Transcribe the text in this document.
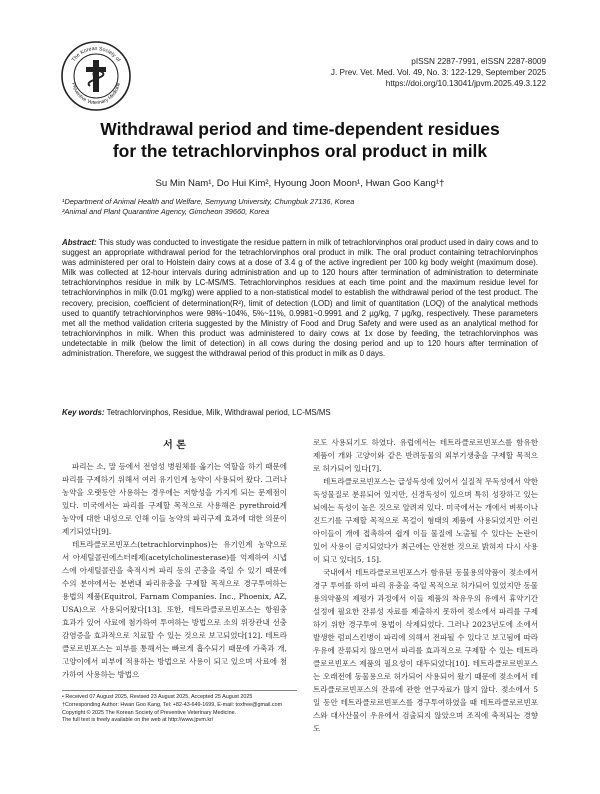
The Korean Society of
Preventive Veterinary Medicine
pISSN 2287-7991, eISSN 2287-8009
J. Prev. Vet. Med. Vol. 49, No. 3: 122-129, September 2025
https://doi.org/10.13041/jpvm.2025.49.3.122
Withdrawal period and time-dependent residues
for the tetrachlorvinphos oral product in milk
Su Min Nam¹, Do Hui Kim², Hyoung Joon Moon¹, Hwan Goo Kang¹†
¹Department of Animal Health and Welfare, Semyung University, Chungbuk 27136, Korea
²Animal and Plant Quarantine Agency, Gimcheon 39660, Korea
Abstract: This study was conducted to investigate the residue pattern in milk of tetrachlorvinphos oral product used in dairy cows and to suggest an appropriate withdrawal period for the tetrachlorvinphos oral product in milk. The oral product containing tetrachlorvinphos was administered per oral to Holstein dairy cows at a dose of 3.4 g of the active ingredient per 100 kg body weight (maximum dose). Milk was collected at 12-hour intervals during administration and up to 120 hours after termination of administration to determinate tetrachlorvinphos residue in milk by LC-MS/MS. Tetrachlorvinphos residues at each time point and the maximum residue level for tetrachlorvinphos in milk (0.01 mg/kg) were applied to a non-statistical model to establish the withdrawal period of the test product. The recovery, precision, coefficient of determination(R²), limit of detection (LOD) and limit of quantitation (LOQ) of the analytical methods used to quantify tetrachlorvinphos were 98%~104%, 5%~11%, 0.9981~0.9991 and 2 µg/kg, 7 µg/kg, respectively. These parameters met all the method validation criteria suggested by the Ministry of Food and Drug Safety and were used as an analytical method for tetrachlorvinphos in milk. When this product was administered to dairy cows at 1x dose by feeding, the tetrachlorvinphos was undetectable in milk (below the limit of detection) in all cows during the dosing period and up to 120 hours after termination of administration. Therefore, we suggest the withdrawal period of this product in milk as 0 days.
Key words: Tetrachlorvinphos, Residue, Milk, Withdrawal period, LC-MS/MS
서 론

파리는 소, 말 등에서 전염성 병원체를 옮기는 역할을 하기 때문에 파리를 구제하기 위해서 여러 유기인계 농약이 사용되어 왔다. 그러나 농약을 오랫동안 사용하는 경우에는 저항성을 가지게 되는 문제점이 있다. 미국에서는 파리를 구제할 목적으로 사용해온 pyrethroid계 농약에 대한 내성으로 인해 이들 농약의 파리구제 효과에 대한 의문이 제기되었다[9].

테트라클로르빈포스(tetrachlorvinphos)는 유기인계 농약으로서 아세틸콜린에스터레제(acetylcholinesterase)를 억제하여 시냅스에 아세틸콜린을 축적시켜 파리 등의 곤충을 죽일 수 있기 때문에 수의 분야에서는 분변내 파리유충을 구제할 목적으로 경구투여하는 용법의 제품(Equitrol, Farnam Companies. Inc., Phoenix, AZ, USA)으로 사용되어왔다[13]. 또한, 테트라클로르빈포스는 항원충 효과가 있어 사료에 첨가하여 투여하는 방법으로 소의 위장관내 선충감염증을 효과적으로 치료할 수 있는 것으로 보고되었다[12]. 테트라클로르빈포스는 피부를 통해서는 빠르게 흡수되기 때문에 가축과 개, 고양이에서 피부에 적용하는 방법으로 사용이 되고 있으며 사료에 첨가하여 사용하는 방법으

로도 사용되기도 하였다. 유럽에서는 테트라클로르빈포스를 함유한 제품이 개와 고양이와 같은 반려동물의 외부기생충을 구제할 목적으로 허가되어 있다[7].

테트라클로르빈포스는 급성독성에 있어서 실질적 무독성에서 약한 독성물질로 분류되어 있지만, 신경독성이 있으며 특히 성장하고 있는 뇌에는 독성이 높은 것으로 알려져 있다. 미국에서는 개에서 벼룩이나 진드기를 구제할 목적으로 목걸이 형태의 제품에 사용되었지만 어린아이들이 개에 접촉하여 쉽게 이들 물질에 노출될 수 있다는 논란이 있어 사용이 금지되었다가 최근에는 안전한 것으로 밝혀져 다시 사용이 되고 있다[5, 15].

국내에서 테트라클로르빈포스가 함유된 동물용의약품이 젖소에서 경구 투여를 하여 파리 유충을 죽일 목적으로 허가되어 있었지만 동물용의약품의 제평가 과정에서 이들 제품의 착유우의 유에서 휴약기간 설정에 필요한 잔류성 자료를 제출하지 못하여 젖소에서 파리를 구제하기 위한 경구투여 용법이 삭제되었다. 그러나 2023년도에 소에서 발생한 럼피스킨병이 파리에 의해서 전파될 수 있다고 보고됨에 따라 우유에 잔류되지 않으면서 파리를 효과적으로 구제할 수 있는 테트라클로르빈포스 제품의 필요성이 대두되었다[10]. 테트라클로르빈포스는 오래전에 동물용으로 허가되어 사용되어 왔기 때문에 젖소에서 테트라클로르빈포스의 잔류에 관한 연구자료가 많지 않다. 젖소에서 5일 동안 테트라클로르빈포스를 경구투여하였을 때 테트라클로르빈포스와 대사산물이 우유에서 검출되지 않았으며 조직에 축적되는 경향도

• Received 07 August 2025, Revised 23 August 2025, Accepted 25 August 2025
†Corresponding Author: Hwan Goo Kang, Tel: +82-43-649-1699, E-mail: toxfree@gmail.com
Copyright © 2025 The Korean Society of Preventive Veterinary Medicine.
The full text is freely available on the web at http://www.jpvm.kr/
